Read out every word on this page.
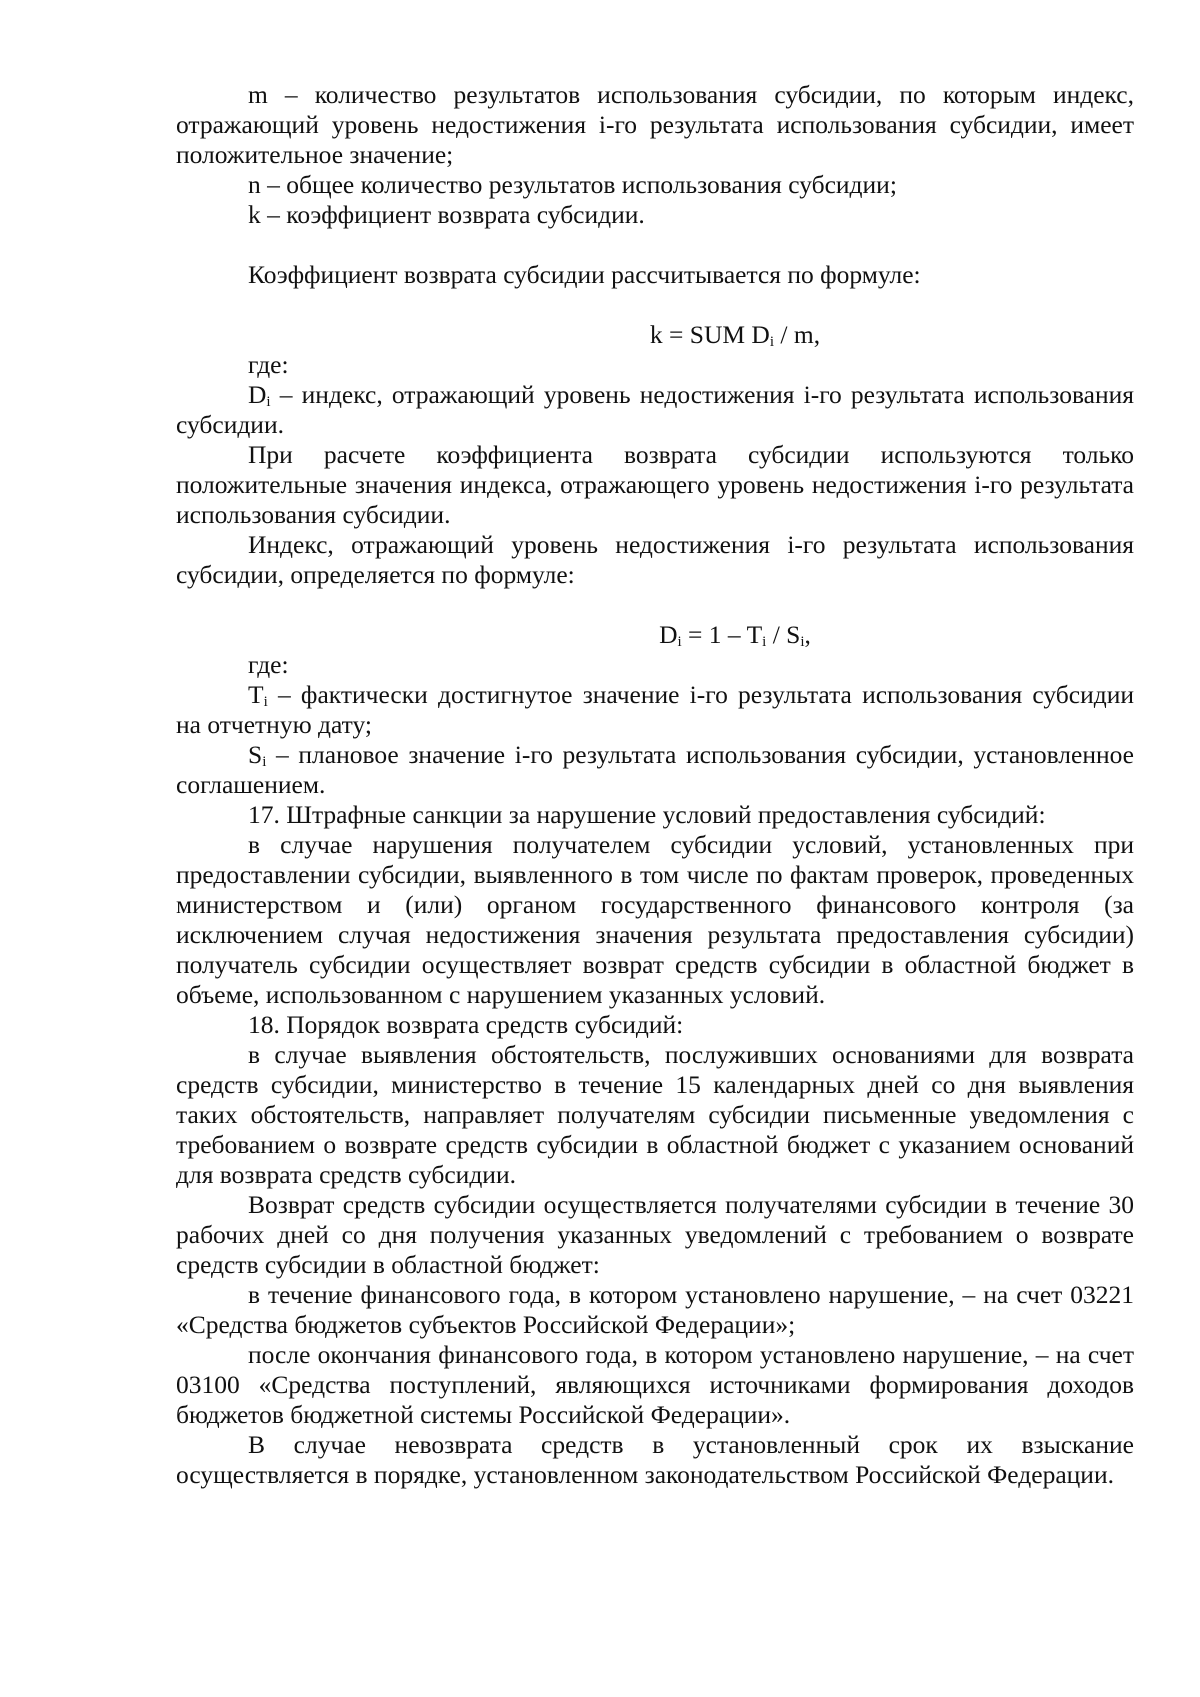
m – количество результатов использования субсидии, по которым индекс, отражающий уровень недостижения i-го результата использования субсидии, имеет положительное значение;

n – общее количество результатов использования субсидии;

k – коэффициент возврата субсидии.

Коэффициент возврата субсидии рассчитывается по формуле:

k = SUM $D_i$ / m,

где:

$D_i$ – индекс, отражающий уровень недостижения i-го результата использования субсидии.

При расчете коэффициента возврата субсидии используются только положительные значения индекса, отражающего уровень недостижения i-го результата использования субсидии.

Индекс, отражающий уровень недостижения i-го результата использования субсидии, определяется по формуле:

$D_i = 1 - T_i / S_i$,

где:

$T_i$ – фактически достигнутое значение i-го результата использования субсидии на отчетную дату;

$S_i$ – плановое значение i-го результата использования субсидии, установленное соглашением.

17. Штрафные санкции за нарушение условий предоставления субсидий:

в случае нарушения получателем субсидии условий, установленных при предоставлении субсидии, выявленного в том числе по фактам проверок, проведенных министерством и (или) органом государственного финансового контроля (за исключением случая недостижения значения результата предоставления субсидии) получатель субсидии осуществляет возврат средств субсидии в областной бюджет в объеме, использованном с нарушением указанных условий.

18. Порядок возврата средств субсидий:

в случае выявления обстоятельств, послуживших основаниями для возврата средств субсидии, министерство в течение 15 календарных дней со дня выявления таких обстоятельств, направляет получателям субсидии письменные уведомления с требованием о возврате средств субсидии в областной бюджет с указанием оснований для возврата средств субсидии.

Возврат средств субсидии осуществляется получателями субсидии в течение 30 рабочих дней со дня получения указанных уведомлений с требованием о возврате средств субсидии в областной бюджет:

в течение финансового года, в котором установлено нарушение, – на счет 03221 «Средства бюджетов субъектов Российской Федерации»;

после окончания финансового года, в котором установлено нарушение, – на счет 03100 «Средства поступлений, являющихся источниками формирования доходов бюджетов бюджетной системы Российской Федерации».

В случае невозврата средств в установленный срок их взыскание осуществляется в порядке, установленном законодательством Российской Федерации.
